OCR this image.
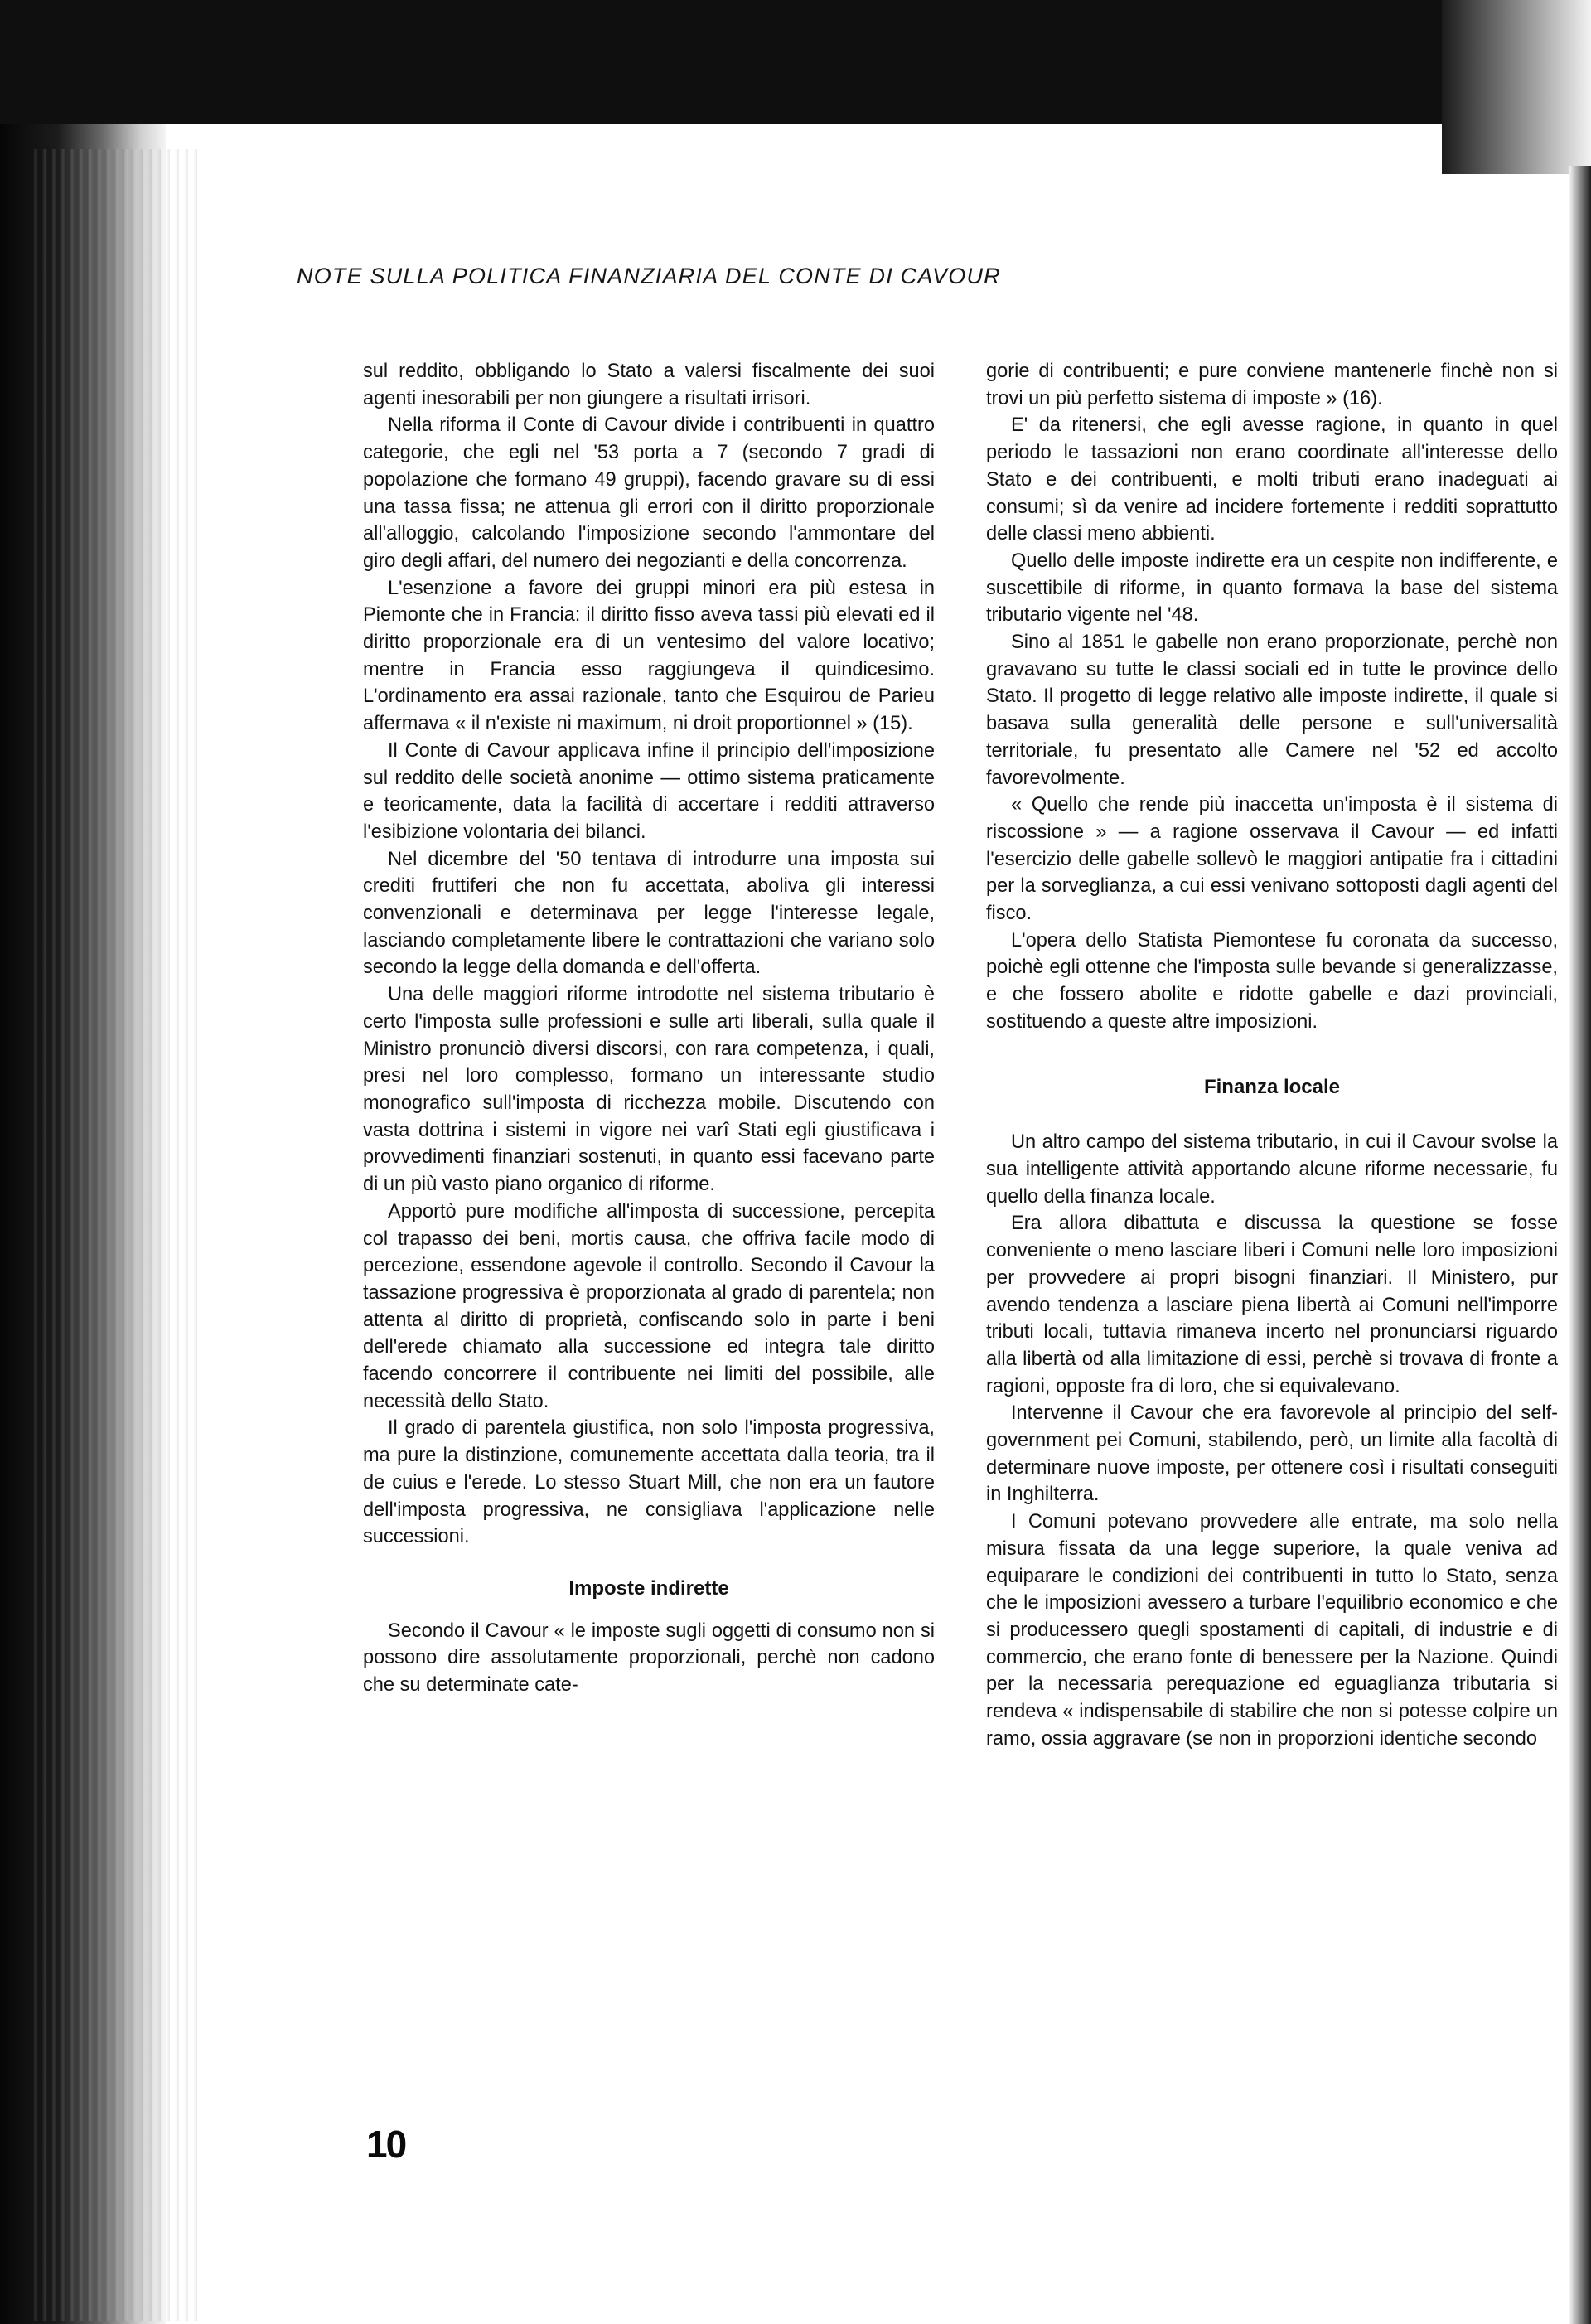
NOTE SULLA POLITICA FINANZIARIA DEL CONTE DI CAVOUR

sul reddito, obbligando lo Stato a valersi fiscalmente dei suoi agenti inesorabili per non giungere a risultati irrisori.

Nella riforma il Conte di Cavour divide i contribuenti in quattro categorie, che egli nel '53 porta a 7 (secondo 7 gradi di popolazione che formano 49 gruppi), facendo gravare su di essi una tassa fissa; ne attenua gli errori con il diritto proporzionale all'alloggio, calcolando l'imposizione secondo l'ammontare del giro degli affari, del numero dei negozianti e della concorrenza.

L'esenzione a favore dei gruppi minori era più estesa in Piemonte che in Francia: il diritto fisso aveva tassi più elevati ed il diritto proporzionale era di un ventesimo del valore locativo; mentre in Francia esso raggiungeva il quindicesimo. L'ordinamento era assai razionale, tanto che Esquirou de Parieu affermava « il n'existe ni maximum, ni droit proportionnel » (15).

Il Conte di Cavour applicava infine il principio dell'imposizione sul reddito delle società anonime — ottimo sistema praticamente e teoricamente, data la facilità di accertare i redditi attraverso l'esibizione volontaria dei bilanci.

Nel dicembre del '50 tentava di introdurre una imposta sui crediti fruttiferi che non fu accettata, aboliva gli interessi convenzionali e determinava per legge l'interesse legale, lasciando completamente libere le contrattazioni che variano solo secondo la legge della domanda e dell'offerta.

Una delle maggiori riforme introdotte nel sistema tributario è certo l'imposta sulle professioni e sulle arti liberali, sulla quale il Ministro pronunciò diversi discorsi, con rara competenza, i quali, presi nel loro complesso, formano un interessante studio monografico sull'imposta di ricchezza mobile. Discutendo con vasta dottrina i sistemi in vigore nei varî Stati egli giustificava i provvedimenti finanziari sostenuti, in quanto essi facevano parte di un più vasto piano organico di riforme.

Apportò pure modifiche all'imposta di successione, percepita col trapasso dei beni, mortis causa, che offriva facile modo di percezione, essendone agevole il controllo. Secondo il Cavour la tassazione progressiva è proporzionata al grado di parentela; non attenta al diritto di proprietà, confiscando solo in parte i beni dell'erede chiamato alla successione ed integra tale diritto facendo concorrere il contribuente nei limiti del possibile, alle necessità dello Stato.

Il grado di parentela giustifica, non solo l'imposta progressiva, ma pure la distinzione, comunemente accettata dalla teoria, tra il de cuius e l'erede. Lo stesso Stuart Mill, che non era un fautore dell'imposta progressiva, ne consigliava l'applicazione nelle successioni.

Imposte indirette

Secondo il Cavour « le imposte sugli oggetti di consumo non si possono dire assolutamente proporzionali, perchè non cadono che su determinate cate-

gorie di contribuenti; e pure conviene mantenerle finchè non si trovi un più perfetto sistema di imposte » (16).

E' da ritenersi, che egli avesse ragione, in quanto in quel periodo le tassazioni non erano coordinate all'interesse dello Stato e dei contribuenti, e molti tributi erano inadeguati ai consumi; sì da venire ad incidere fortemente i redditi soprattutto delle classi meno abbienti.

Quello delle imposte indirette era un cespite non indifferente, e suscettibile di riforme, in quanto formava la base del sistema tributario vigente nel '48.

Sino al 1851 le gabelle non erano proporzionate, perchè non gravavano su tutte le classi sociali ed in tutte le province dello Stato. Il progetto di legge relativo alle imposte indirette, il quale si basava sulla generalità delle persone e sull'universalità territoriale, fu presentato alle Camere nel '52 ed accolto favorevolmente.

« Quello che rende più inaccetta un'imposta è il sistema di riscossione » — a ragione osservava il Cavour — ed infatti l'esercizio delle gabelle sollevò le maggiori antipatie fra i cittadini per la sorveglianza, a cui essi venivano sottoposti dagli agenti del fisco.

L'opera dello Statista Piemontese fu coronata da successo, poichè egli ottenne che l'imposta sulle bevande si generalizzasse, e che fossero abolite e ridotte gabelle e dazi provinciali, sostituendo a queste altre imposizioni.

Finanza locale

Un altro campo del sistema tributario, in cui il Cavour svolse la sua intelligente attività apportando alcune riforme necessarie, fu quello della finanza locale.

Era allora dibattuta e discussa la questione se fosse conveniente o meno lasciare liberi i Comuni nelle loro imposizioni per provvedere ai propri bisogni finanziari. Il Ministero, pur avendo tendenza a lasciare piena libertà ai Comuni nell'imporre tributi locali, tuttavia rimaneva incerto nel pronunciarsi riguardo alla libertà od alla limitazione di essi, perchè si trovava di fronte a ragioni, opposte fra di loro, che si equivalevano.

Intervenne il Cavour che era favorevole al principio del self-government pei Comuni, stabilendo, però, un limite alla facoltà di determinare nuove imposte, per ottenere così i risultati conseguiti in Inghilterra.

I Comuni potevano provvedere alle entrate, ma solo nella misura fissata da una legge superiore, la quale veniva ad equiparare le condizioni dei contribuenti in tutto lo Stato, senza che le imposizioni avessero a turbare l'equilibrio economico e che si producessero quegli spostamenti di capitali, di industrie e di commercio, che erano fonte di benessere per la Nazione. Quindi per la necessaria perequazione ed eguaglianza tributaria si rendeva « indispensabile di stabilire che non si potesse colpire un ramo, ossia aggravare (se non in proporzioni identiche secondo

10
